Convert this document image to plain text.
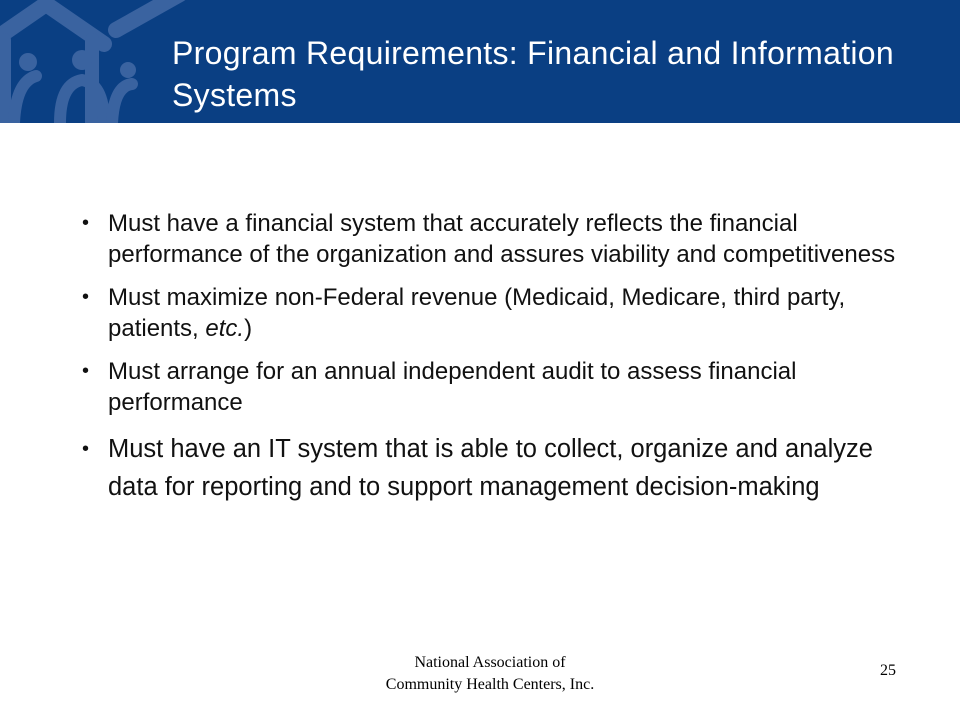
Program Requirements: Financial and Information Systems
• Must have a financial system that accurately reflects the financial performance of the organization and assures viability and competitiveness
• Must maximize non-Federal revenue (Medicaid, Medicare, third party, patients, etc.)
• Must arrange for an annual independent audit to assess financial performance
• Must have an IT system that is able to collect, organize and analyze data for reporting and to support management decision-making

National Association of Community Health Centers, Inc.

25
